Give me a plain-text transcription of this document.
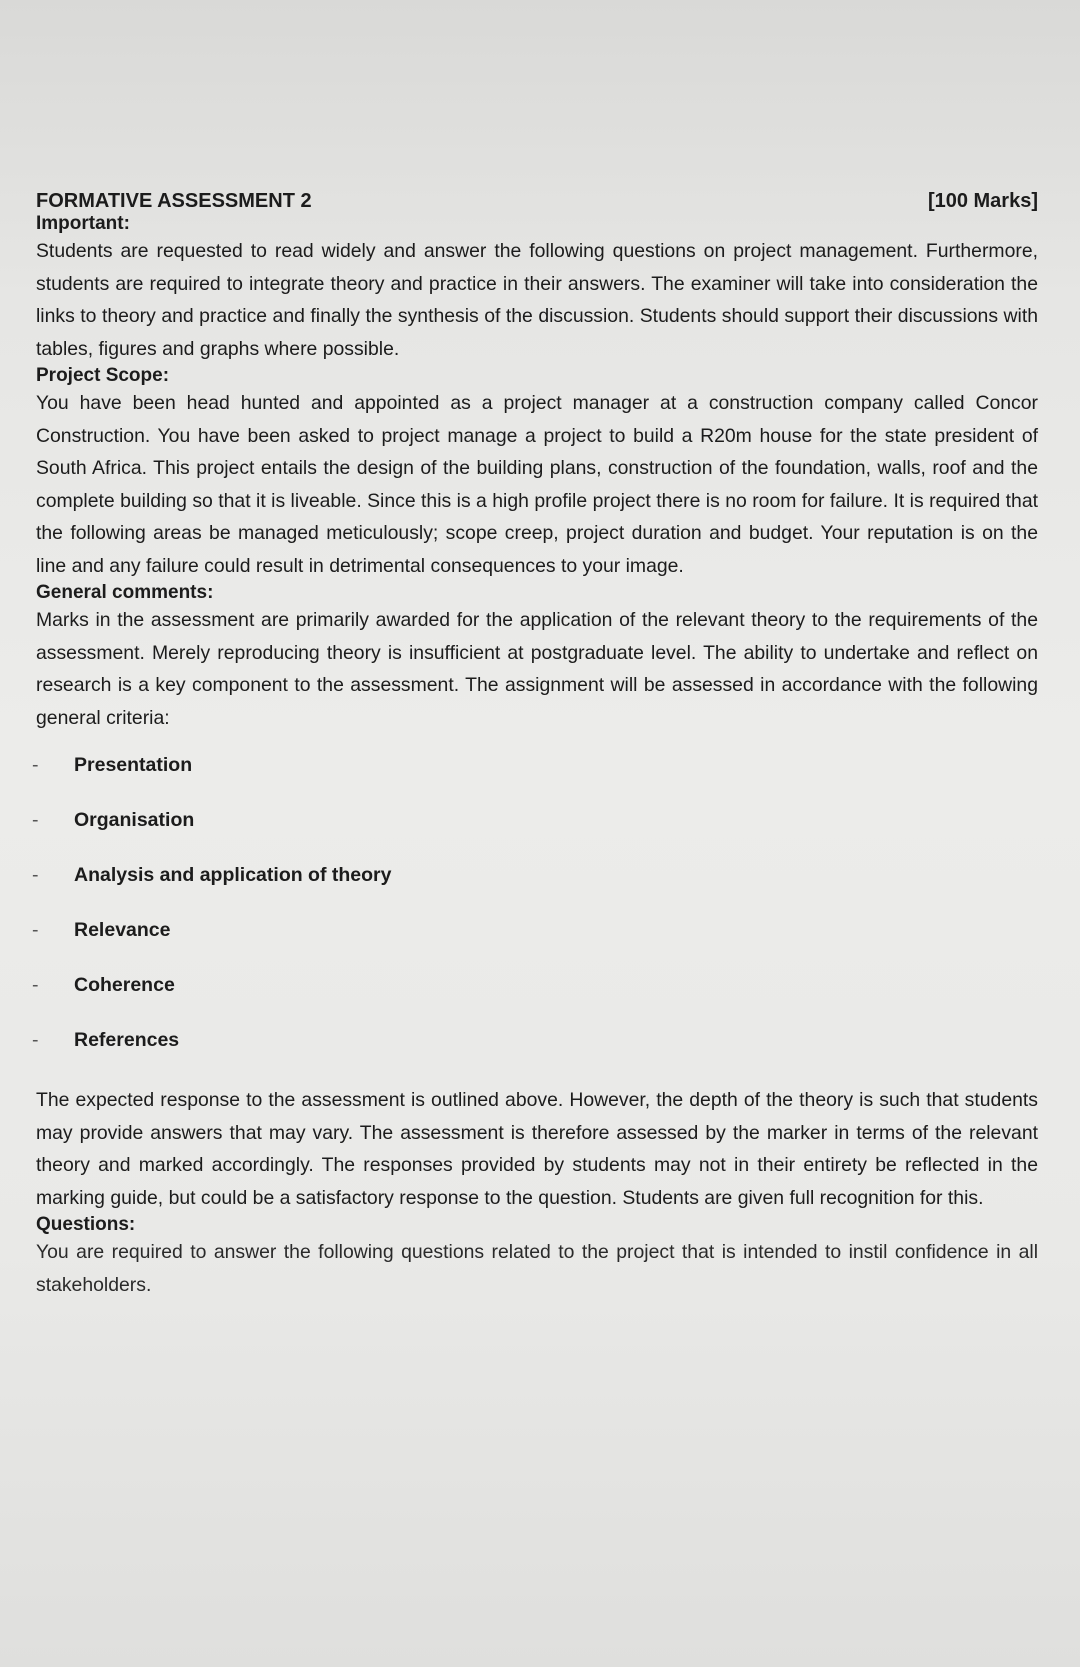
FORMATIVE ASSESSMENT 2	[100 Marks]
Important:

Students are requested to read widely and answer the following questions on project management. Furthermore, students are required to integrate theory and practice in their answers. The examiner will take into consideration the links to theory and practice and finally the synthesis of the discussion. Students should support their discussions with tables, figures and graphs where possible.

Project Scope:

You have been head hunted and appointed as a project manager at a construction company called Concor Construction. You have been asked to project manage a project to build a R20m house for the state president of South Africa. This project entails the design of the building plans, construction of the foundation, walls, roof and the complete building so that it is liveable. Since this is a high profile project there is no room for failure. It is required that the following areas be managed meticulously; scope creep, project duration and budget. Your reputation is on the line and any failure could result in detrimental consequences to your image.

General comments:

Marks in the assessment are primarily awarded for the application of the relevant theory to the requirements of the assessment. Merely reproducing theory is insufficient at postgraduate level. The ability to undertake and reflect on research is a key component to the assessment. The assignment will be assessed in accordance with the following general criteria:

-	Presentation
-	Organisation
-	Analysis and application of theory
-	Relevance
-	Coherence
-	References

The expected response to the assessment is outlined above. However, the depth of the theory is such that students may provide answers that may vary. The assessment is therefore assessed by the marker in terms of the relevant theory and marked accordingly. The responses provided by students may not in their entirety be reflected in the marking guide, but could be a satisfactory response to the question. Students are given full recognition for this.

Questions:

You are required to answer the following questions related to the project that is intended to instil confidence in all stakeholders.
